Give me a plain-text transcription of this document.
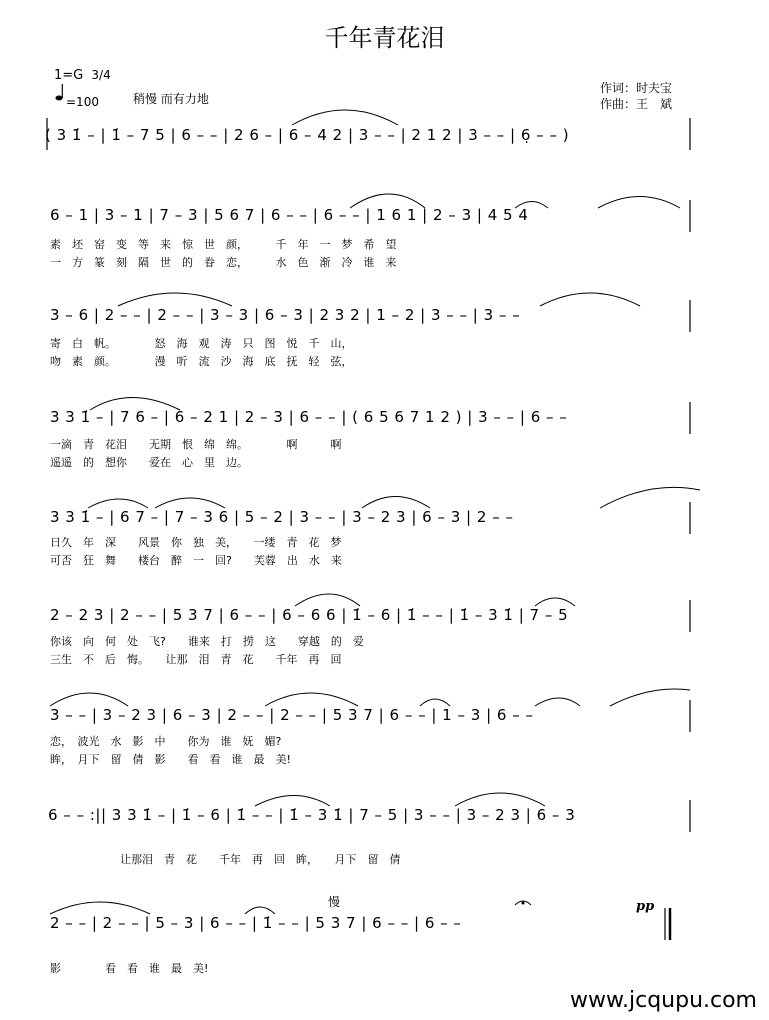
千年青花泪
1=G 3/4
=100	稍慢 而有力地
作词：时夫宝
作曲：王　斌
( 3 1̇ – | 1̇ – 7 5 | 6 – – | 2 6 – | 6 – 4 2 | 3 – – | 2 1 2 | 3 – – | 6̣ – – )
6 – 1 | 3 – 1 | 7 – 3 | 5 6 7 | 6 – – | 6 – – | 1 6 1 | 2 – 3 | 4 5 4
素　坯　窑　变　等　来　惊　世　颜，　　　千　年　一　梦　希　望
一　方　篆　刻　隔　世　的　眷　恋，　　　水　色　渐　冷　谁　来
3 – 6 | 2 – – | 2 – – | 3 – 3 | 6 – 3 | 2 3 2 | 1 – 2 | 3 – – | 3 – –
寄　白　帆。　　　　怒　海　观　涛　只　图　悦　千　山，
吻　素　颜。　　　　漫　听　流　沙　海　底　抚　轻　弦，
3 3 1̇ – | 7 6 – | 6 – 2 1 | 2 – 3 | 6 – – | ( 6 5 6 7 1 2 ) | 3 – – | 6 – –
一滴　青　花泪　　无期　恨　绵　绵。　　　　啊　　　啊
遥遥　的　想你　　爱在　心　里　边。
3 3 1̇ – | 6 7 – | 7 – 3 6 | 5 – 2 | 3 – – | 3 – 2 3 | 6 – 3 | 2 – –
日久　年　深　　风景　你　独　美，　　一缕　青　花　梦
可否　狂　舞　　楼台　醉　一　回?　　芙蓉　出　水　来
2 – 2 3 | 2 – – | 5 3 7 | 6 – – | 6 – 6 6 | 1̇ – 6 | 1̇ – – | 1̇ – 3 1̇ | 7 – 5
你该　向　何　处　飞?　　谁来　打　捞　这　　穿越　的　爱
三生　不　后　悔。　　让那　泪　青　花　　千年　再　回
3 – – | 3 – 2 3 | 6 – 3 | 2 – – | 2 – – | 5 3 7 | 6 – – | 1 – 3 | 6 – –
恋，　波光　水　影　中　　你为　谁　妩　媚?
眸，　月下　留　倩　影　　看　看　谁　最　美!
6 – – :|| 3 3 1̇ – | 1̇ – 6 | 1̇ – – | 1̇ – 3 1̇ | 7 – 5 | 3 – – | 3 – 2 3 | 6 – 3
让那泪　青　花　　千年　再　回　眸，　　月下　留　倩
慢	pp
2 – – | 2 – – | 5 – 3 | 6 – – | 1̇ – – | 5 3 7 | 6 – – | 6 – –
影　　　　看　看　谁　最　美!
www.jcqupu.com
